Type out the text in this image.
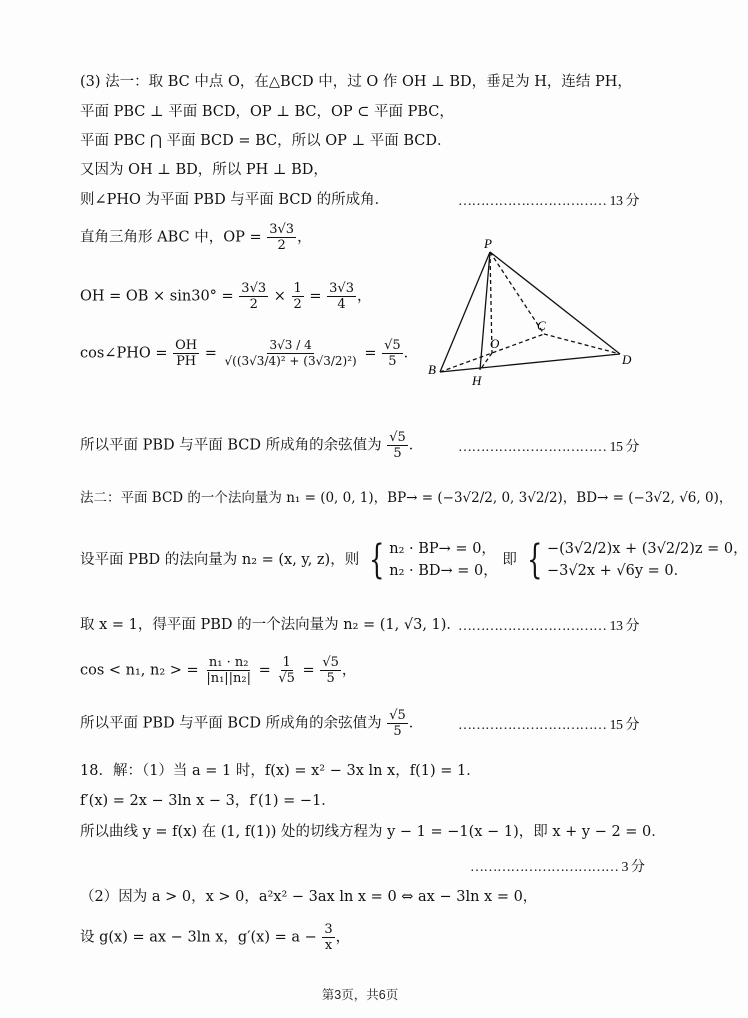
(3) 法一：取 BC 中点 O，在△BCD 中，过 O 作 OH ⊥ BD，垂足为 H，连结 PH，
平面 PBC ⊥ 平面 BCD，OP ⊥ BC，OP ⊂ 平面 PBC，
平面 PBC ⋂ 平面 BCD = BC，所以 OP ⊥ 平面 BCD．
又因为 OH ⊥ BD，所以 PH ⊥ BD，
则∠PHO 为平面 PBD 与平面 BCD 的所成角．	…………………………… 13 分
直角三角形 ABC 中，OP = $\frac{3√3}{2}$ ，
OH = OB × $\sin 30^\circ = \frac{3√3}{2} \times \frac{1}{2} = \frac{3√3}{4}$ ，
cos∠PHO = $\frac{OH}{PH} = \frac{3√3 / 4}{\text{√((3√3/4)² + (3√3/2)²)}} = \frac{√5}{5}$ ．
P
B
C
D
O
H
所以平面 PBD 与平面 BCD 所成角的余弦值为 $\frac{√5}{5}$ ． …………………………… 15 分
法二：平面 BCD 的一个法向量为 n₁ = (0, 0, 1)，BP→ = (−3√2/2, 0, 3√2/2)，BD→ = (−3√2, √6, 0)，
设平面 PBD 的法向量为 n₂ = (x, y, z)，则 { n₂ · BP→ = 0，
n₂ · BD→ = 0，
即 { −(3√2/2)x + (3√2/2)z = 0，
−3√2x + √6y = 0．
取 x = 1，得平面 PBD 的一个法向量为 n₂ = (1, √3, 1)．
…………………………… 13 分
cos < n₁, n₂ > = $\frac{\text{n₁ · n₂}}{\text{|n₁||n₂|}} = \frac{1}{√5} = \frac{√5}{5}$ ，
所以平面 PBD 与平面 BCD 所成角的余弦值为 $\frac{√5}{5}$ ． …………………………… 15 分
18．解：（1）当 a = 1 时，f(x) = x² − 3x ln x，f(1) = 1．
f′(x) = 2x − 3ln x − 3，f′(1) = −1．
所以曲线 y = f(x) 在 (1, f(1)) 处的切线方程为 y − 1 = −1(x − 1)，即 x + y − 2 = 0．
…………………………… 3 分
（2）因为 a > 0，x > 0，a²x² − 3ax ln x = 0 ⇔ ax − 3ln x = 0，
设 g(x) = ax − 3ln x，$g'(x) = a - \frac{3}{x}$ ，
第3页，共6页
